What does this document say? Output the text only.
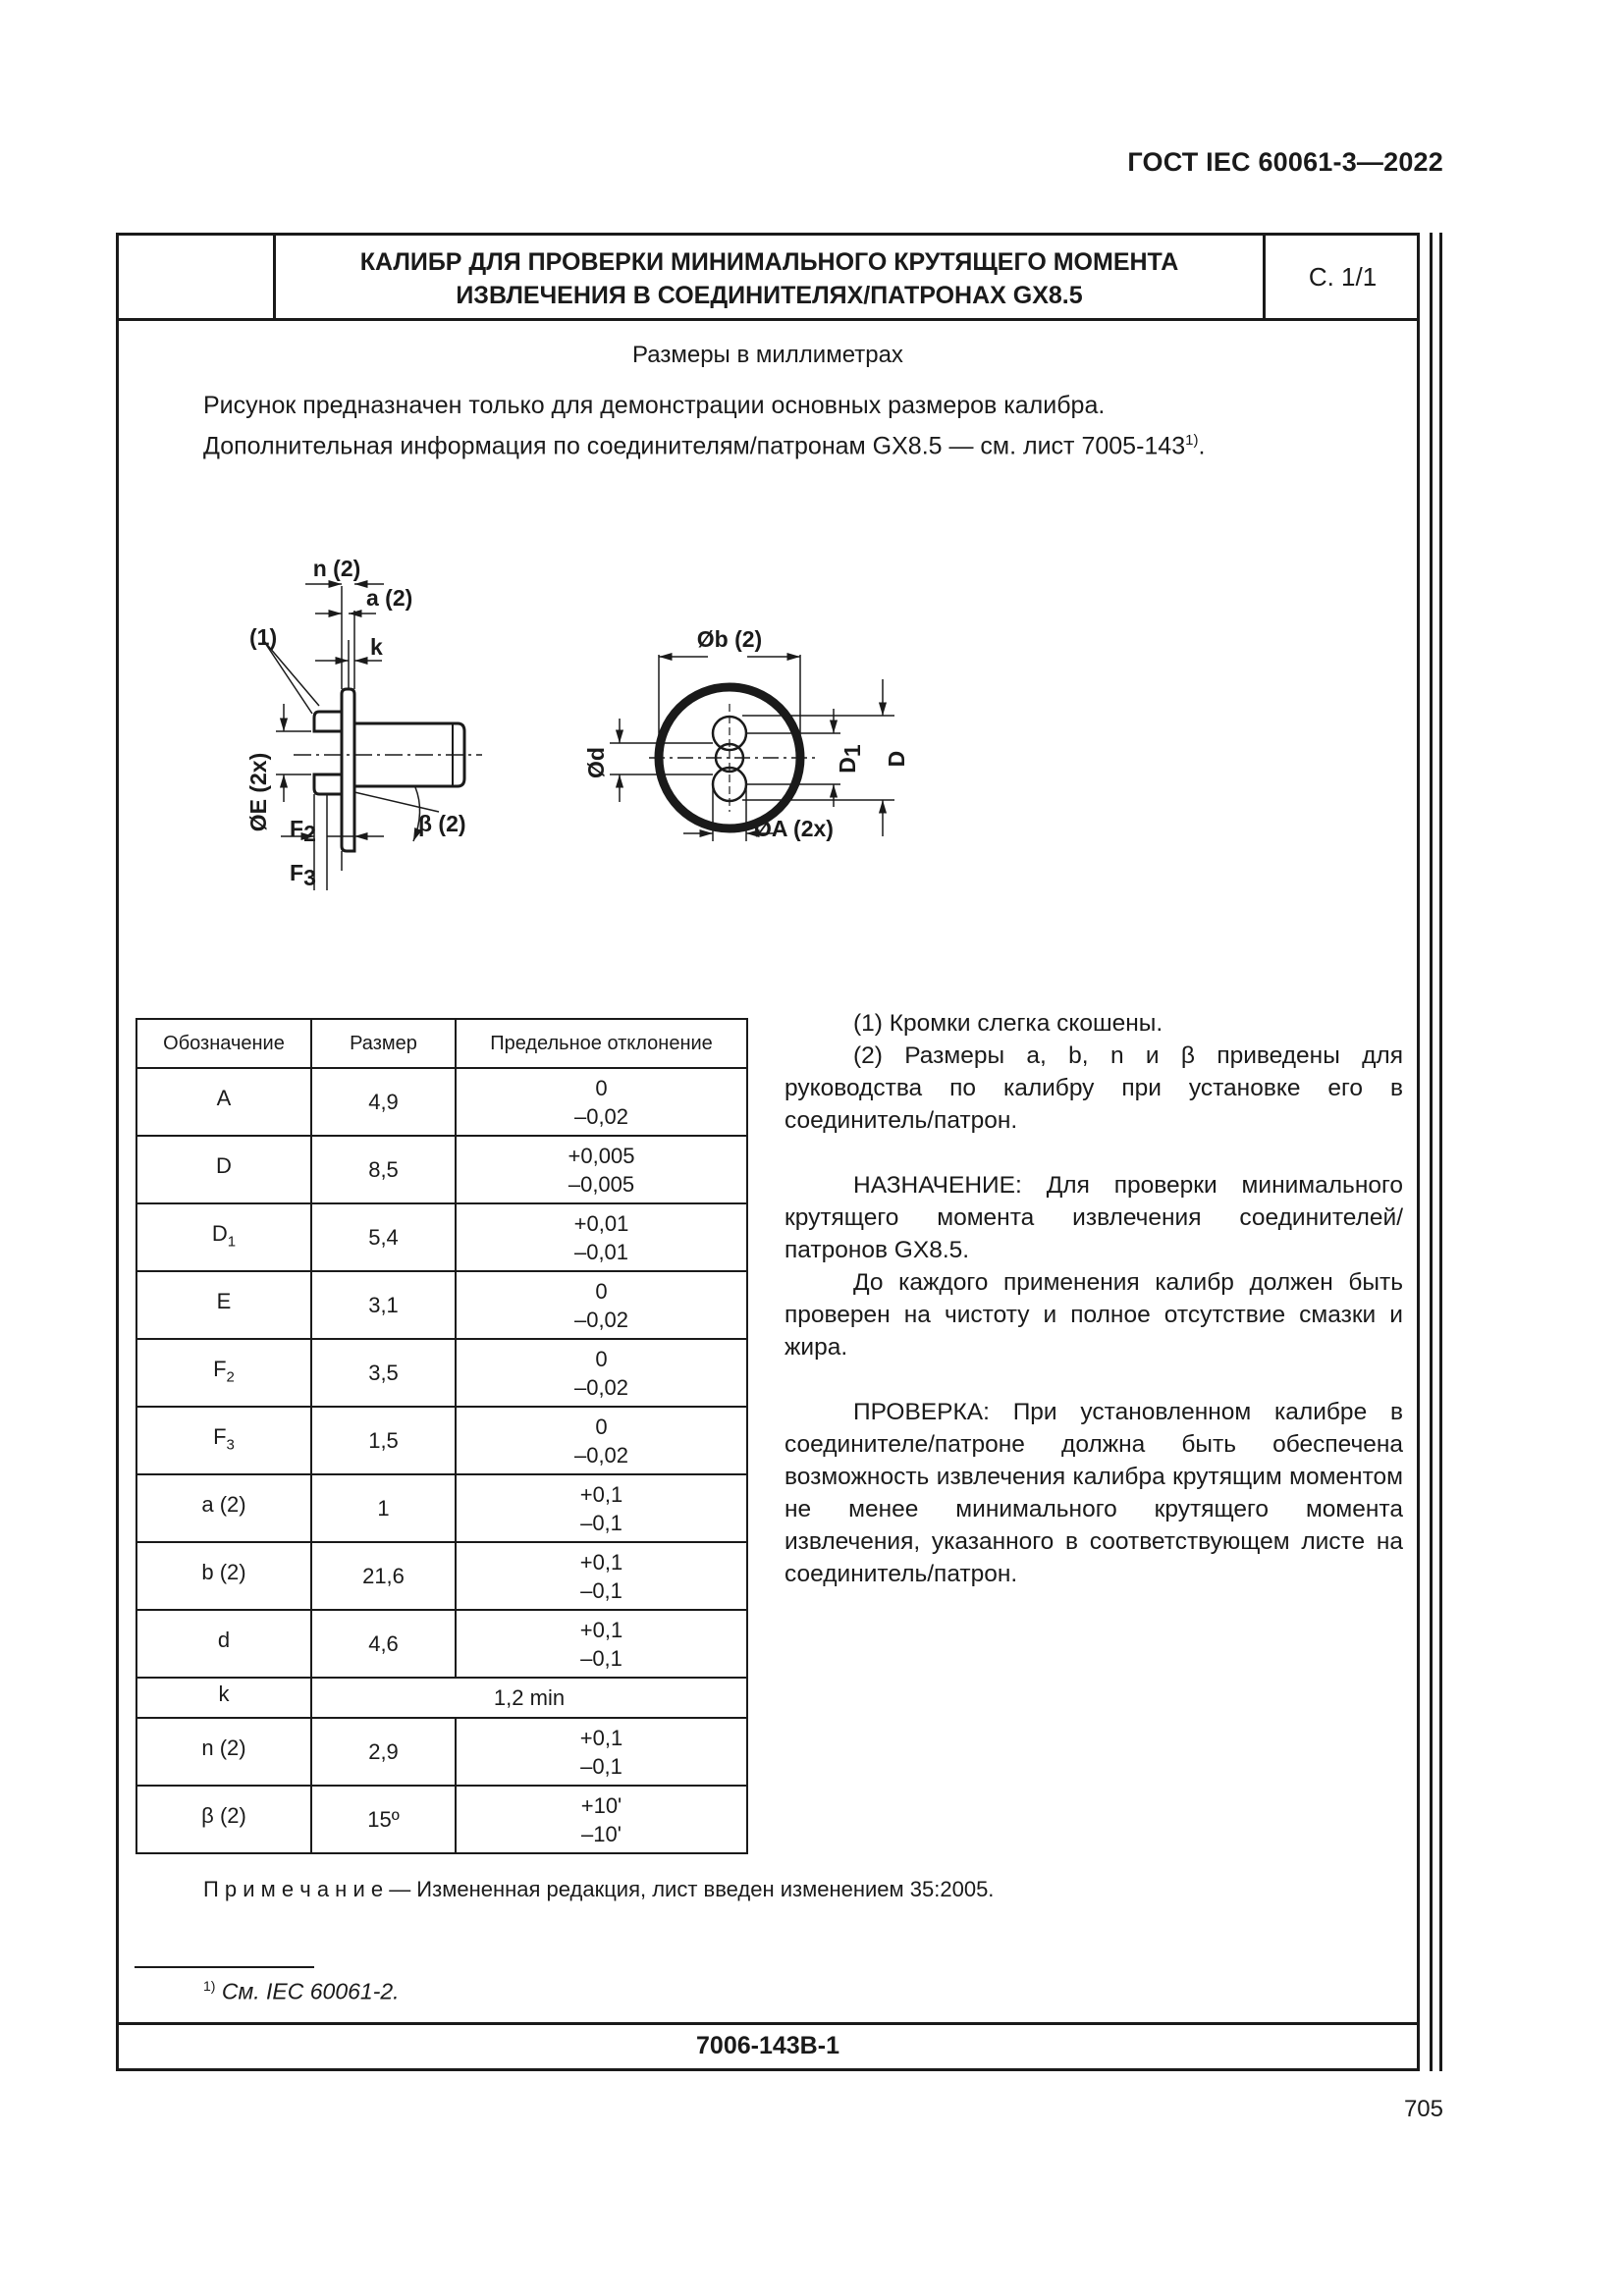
ГОСТ IEC 60061-3—2022
КАЛИБР ДЛЯ ПРОВЕРКИ МИНИМАЛЬНОГО КРУТЯЩЕГО МОМЕНТА
ИЗВЛЕЧЕНИЯ В СОЕДИНИТЕЛЯХ/ПАТРОНАХ GX8.5
С. 1/1
Размеры в миллиметрах
Рисунок предназначен только для демонстрации основных размеров калибра.
Дополнительная информация по соединителям/патронам GX8.5 — см. лист 7005-143$^{1)}$.
n (2)
a (2)
k
(1)
ØE (2x)	β (2)
F2
F3
Øb (2)
Ød	D1 D
ØA (2x)
Обозначение	Размер	Предельное отклонение
A	4,9	0
–0,02

D	8,5	+0,005
–0,005

$D_1$	5,4	+0,01
–0,01

E	3,1	0
–0,02

$F_2$	3,5	0
–0,02

$F_3$	1,5	0
–0,02

a (2)	1	+0,1
–0,1

b (2)	21,6	+0,1
–0,1

d	4,6	+0,1
–0,1

k	1,2 min	
n (2)	2,9	+0,1
–0,1

β (2)	15º	+10'
–10'

(1) Кромки слегка скошены.

(2) Размеры a, b, n и β приведены для руководства по калибру при установке его в соединитель/патрон.

НАЗНАЧЕНИЕ: Для проверки минимального крутящего момента извлечения соединителей/патронов GX8.5.

До каждого применения калибр должен быть проверен на чистоту и полное отсутствие смазки и жира.

ПРОВЕРКА: При установленном калибре в соединителе/патроне должна быть обеспечена возможность извлечения калибра крутящим моментом не менее минимального крутящего момента извлечения, указанного в соответствующем листе на соединитель/патрон.

П р и м е ч а н и е — Измененная редакция, лист введен изменением 35:2005.
$^{1)}$ См. IEC 60061-2.
7006-143B-1
705
